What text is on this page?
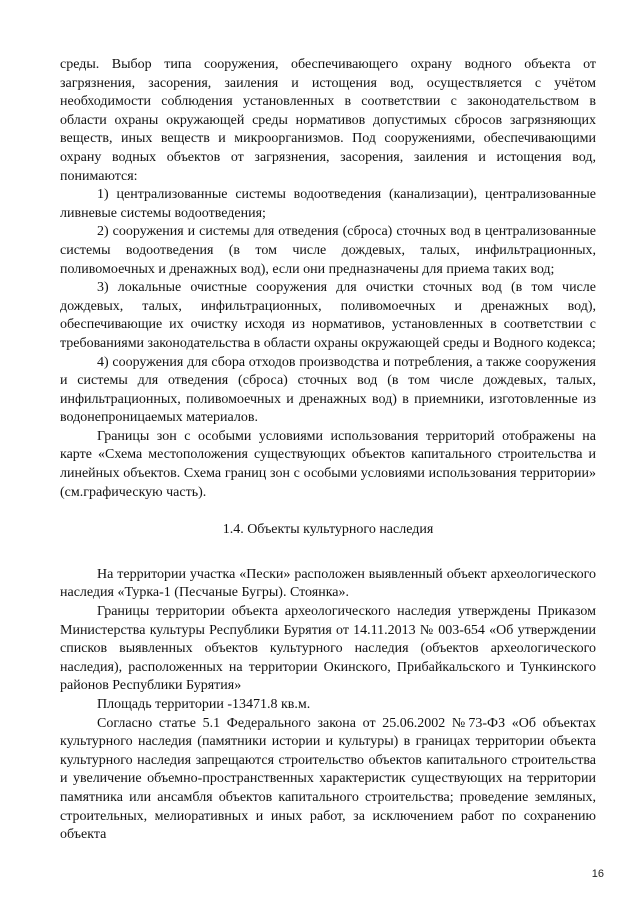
среды. Выбор типа сооружения, обеспечивающего охрану водного объекта от загрязнения, засорения, заиления и истощения вод, осуществляется с учётом необходимости соблюдения установленных в соответствии с законодательством в области охраны окружающей среды нормативов допустимых сбросов загрязняющих веществ, иных веществ и микроорганизмов. Под сооружениями, обеспечивающими охрану водных объектов от загрязнения, засорения, заиления и истощения вод, понимаются:

1) централизованные системы водоотведения (канализации), централизованные ливневые системы водоотведения;

2) сооружения и системы для отведения (сброса) сточных вод в централизованные системы водоотведения (в том числе дождевых, талых, инфильтрационных, поливомоечных и дренажных вод), если они предназначены для приема таких вод;

3) локальные очистные сооружения для очистки сточных вод (в том числе дождевых, талых, инфильтрационных, поливомоечных и дренажных вод), обеспечивающие их очистку исходя из нормативов, установленных в соответствии с требованиями законодательства в области охраны окружающей среды и Водного кодекса;

4) сооружения для сбора отходов производства и потребления, а также сооружения и системы для отведения (сброса) сточных вод (в том числе дождевых, талых, инфильтрационных, поливомоечных и дренажных вод) в приемники, изготовленные из водонепроницаемых материалов.

Границы зон с особыми условиями использования территорий отображены на карте «Схема местоположения существующих объектов капитального строительства и линейных объектов. Схема границ зон с особыми условиями использования территории» (см.графическую часть).

1.4. Объекты культурного наследия

На территории участка «Пески» расположен выявленный объект археологического наследия «Турка-1 (Песчаные Бугры). Стоянка».

Границы территории объекта археологического наследия утверждены Приказом Министерства культуры Республики Бурятия от 14.11.2013 № 003-654 «Об утверждении списков выявленных объектов культурного наследия (объектов археологического наследия), расположенных на территории Окинского, Прибайкальского и Тункинского районов Республики Бурятия»

Площадь территории -13471.8 кв.м.

Согласно статье 5.1 Федерального закона от 25.06.2002 №73-ФЗ «Об объектах культурного наследия (памятники истории и культуры) в границах территории объекта культурного наследия запрещаются строительство объектов капитального строительства и увеличение объемно-пространственных характеристик существующих на территории памятника или ансамбля объектов капитального строительства; проведение земляных, строительных, мелиоративных и иных работ, за исключением работ по сохранению объекта

16
